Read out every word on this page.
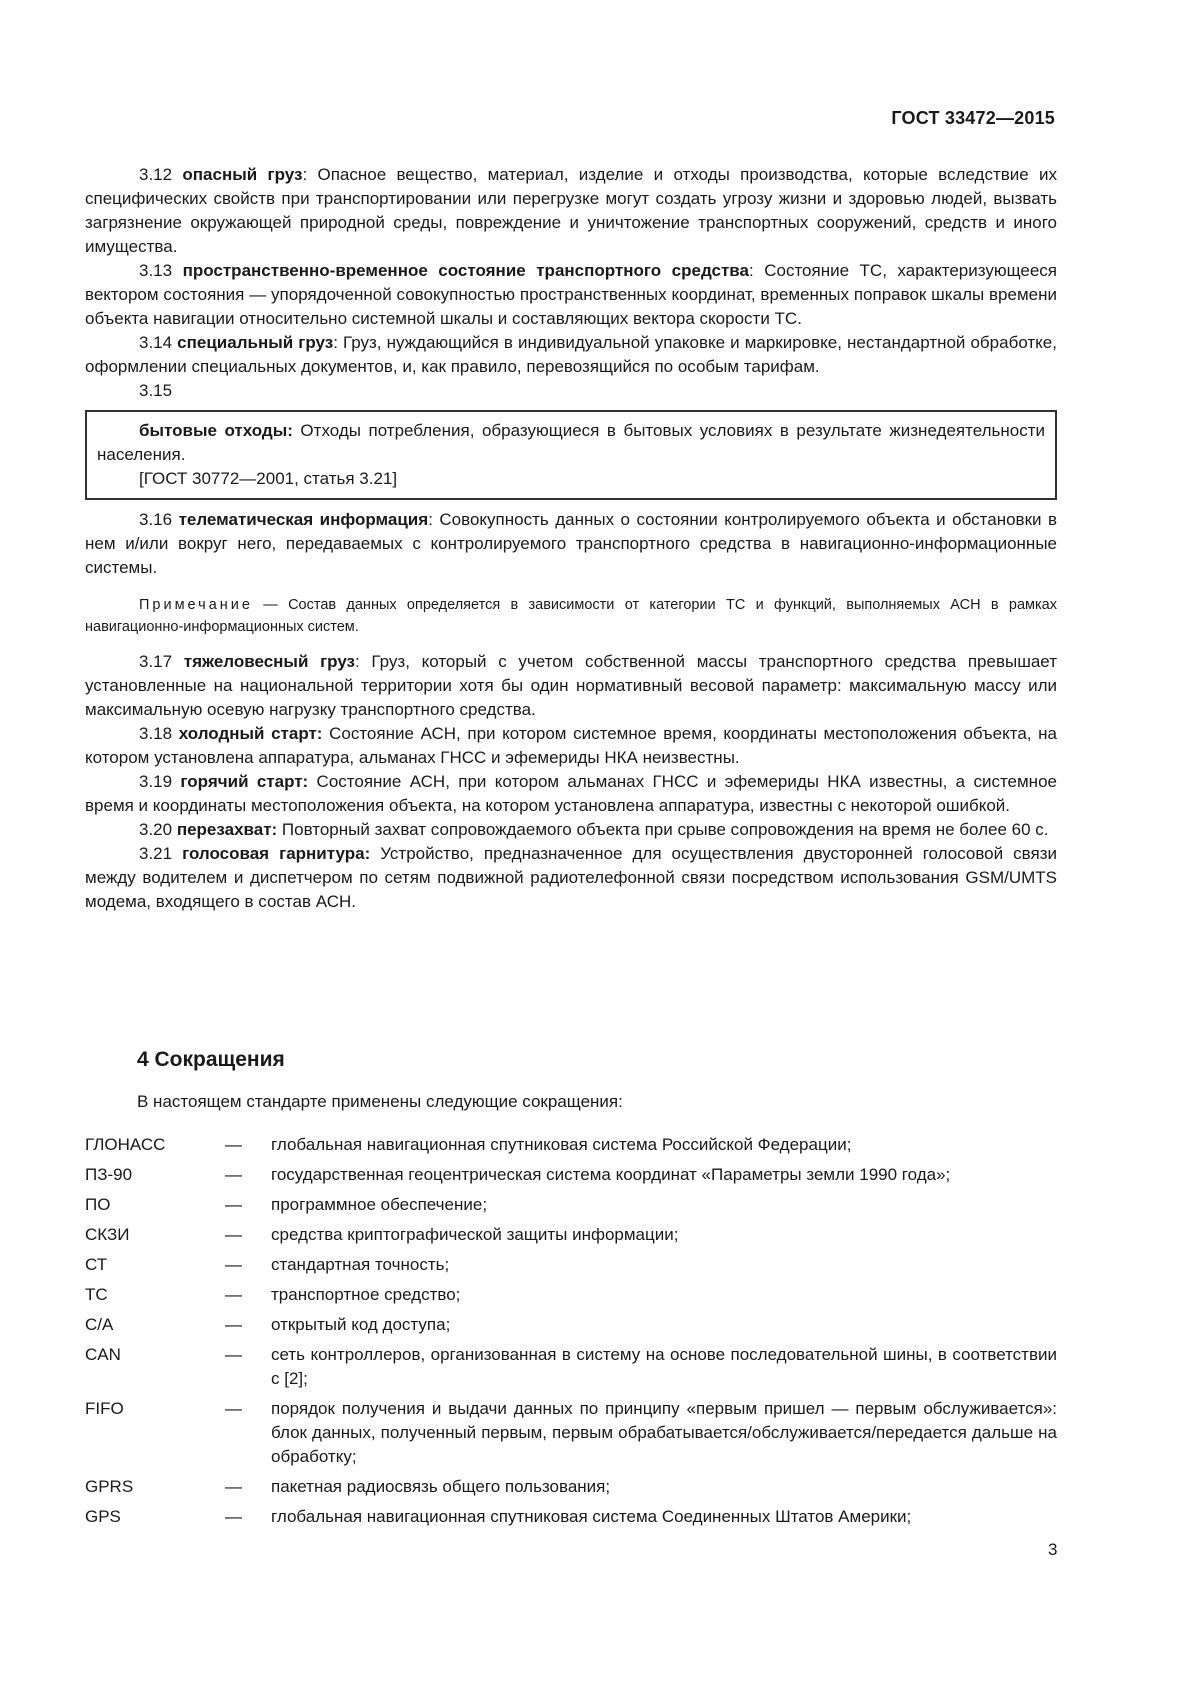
ГОСТ 33472—2015

3.12 опасный груз: Опасное вещество, материал, изделие и отходы производства, которые вследствие их специфических свойств при транспортировании или перегрузке могут создать угрозу жизни и здоровью людей, вызвать загрязнение окружающей природной среды, повреждение и уничтожение транспортных сооружений, средств и иного имущества.

3.13 пространственно-временное состояние транспортного средства: Состояние ТС, характеризующееся вектором состояния — упорядоченной совокупностью пространственных координат, временных поправок шкалы времени объекта навигации относительно системной шкалы и составляющих вектора скорости ТС.

3.14 специальный груз: Груз, нуждающийся в индивидуальной упаковке и маркировке, нестандартной обработке, оформлении специальных документов, и, как правило, перевозящийся по особым тарифам.

3.15

бытовые отходы: Отходы потребления, образующиеся в бытовых условиях в результате жизнедеятельности населения.

[ГОСТ 30772—2001, статья 3.21]

3.16 телематическая информация: Совокупность данных о состоянии контролируемого объекта и обстановки в нем и/или вокруг него, передаваемых с контролируемого транспортного средства в навигационно-информационные системы.

Примечание — Состав данных определяется в зависимости от категории ТС и функций, выполняемых АСН в рамках навигационно-информационных систем.

3.17 тяжеловесный груз: Груз, который с учетом собственной массы транспортного средства превышает установленные на национальной территории хотя бы один нормативный весовой параметр: максимальную массу или максимальную осевую нагрузку транспортного средства.

3.18 холодный старт: Состояние АСН, при котором системное время, координаты местоположения объекта, на котором установлена аппаратура, альманах ГНСС и эфемериды НКА неизвестны.

3.19 горячий старт: Состояние АСН, при котором альманах ГНСС и эфемериды НКА известны, а системное время и координаты местоположения объекта, на котором установлена аппаратура, известны с некоторой ошибкой.

3.20 перезахват: Повторный захват сопровождаемого объекта при срыве сопровождения на время не более 60 с.

3.21 голосовая гарнитура: Устройство, предназначенное для осуществления двусторонней голосовой связи между водителем и диспетчером по сетям подвижной радиотелефонной связи посредством использования GSM/UMTS модема, входящего в состав АСН.

4 Сокращения

В настоящем стандарте применены следующие сокращения:

ГЛОНАСС	—	глобальная навигационная спутниковая система Российской Федерации;
ПЗ-90	—	государственная геоцентрическая система координат «Параметры земли 1990 года»;
ПО	—	программное обеспечение;
СКЗИ	—	средства криптографической защиты информации;
СТ	—	стандартная точность;
ТС	—	транспортное средство;
С/А	—	открытый код доступа;
CAN	—	сеть контроллеров, организованная в систему на основе последовательной шины, в соответствии с [2];
FIFO	—	порядок получения и выдачи данных по принципу «первым пришел — первым обслуживается»: блок данных, полученный первым, первым обрабатывается/обслуживается/передается дальше на обработку;
GPRS	—	пакетная радиосвязь общего пользования;
GPS	—	глобальная навигационная спутниковая система Соединенных Штатов Америки;
3
